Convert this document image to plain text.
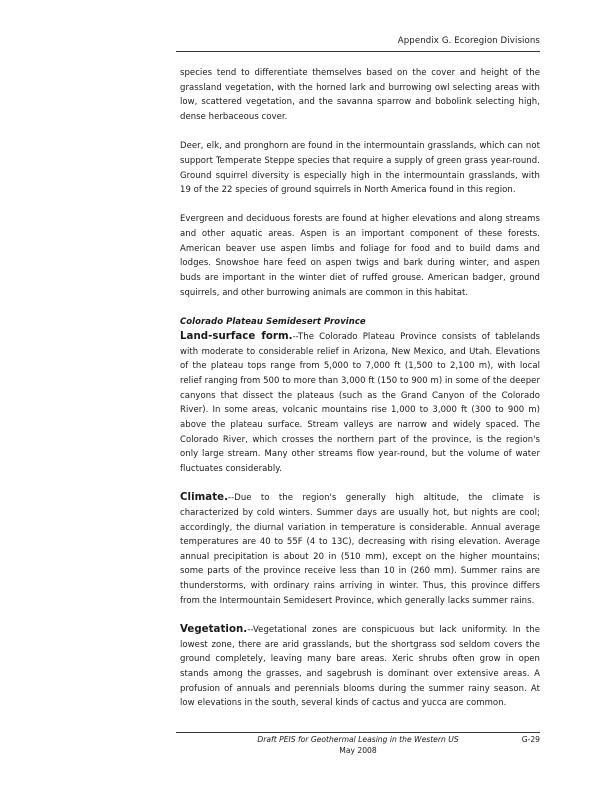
Appendix G. Ecoregion Divisions

species tend to differentiate themselves based on the cover and height of the grassland vegetation, with the horned lark and burrowing owl selecting areas with low, scattered vegetation, and the savanna sparrow and bobolink selecting high, dense herbaceous cover.

Deer, elk, and pronghorn are found in the intermountain grasslands, which can not support Temperate Steppe species that require a supply of green grass year-round. Ground squirrel diversity is especially high in the intermountain grasslands, with 19 of the 22 species of ground squirrels in North America found in this region.

Evergreen and deciduous forests are found at higher elevations and along streams and other aquatic areas. Aspen is an important component of these forests. American beaver use aspen limbs and foliage for food and to build dams and lodges. Snowshoe hare feed on aspen twigs and bark during winter, and aspen buds are important in the winter diet of ruffed grouse. American badger, ground squirrels, and other burrowing animals are common in this habitat.

Colorado Plateau Semidesert Province

Land-surface form.--The Colorado Plateau Province consists of tablelands with moderate to considerable relief in Arizona, New Mexico, and Utah. Elevations of the plateau tops range from 5,000 to 7,000 ft (1,500 to 2,100 m), with local relief ranging from 500 to more than 3,000 ft (150 to 900 m) in some of the deeper canyons that dissect the plateaus (such as the Grand Canyon of the Colorado River). In some areas, volcanic mountains rise 1,000 to 3,000 ft (300 to 900 m) above the plateau surface. Stream valleys are narrow and widely spaced. The Colorado River, which crosses the northern part of the province, is the region's only large stream. Many other streams flow year-round, but the volume of water fluctuates considerably.

Climate.--Due to the region's generally high altitude, the climate is characterized by cold winters. Summer days are usually hot, but nights are cool; accordingly, the diurnal variation in temperature is considerable. Annual average temperatures are 40 to 55F (4 to 13C), decreasing with rising elevation. Average annual precipitation is about 20 in (510 mm), except on the higher mountains; some parts of the province receive less than 10 in (260 mm). Summer rains are thunderstorms, with ordinary rains arriving in winter. Thus, this province differs from the Intermountain Semidesert Province, which generally lacks summer rains.

Vegetation.--Vegetational zones are conspicuous but lack uniformity. In the lowest zone, there are arid grasslands, but the shortgrass sod seldom covers the ground completely, leaving many bare areas. Xeric shrubs often grow in open stands among the grasses, and sagebrush is dominant over extensive areas. A profusion of annuals and perennials blooms during the summer rainy season. At low elevations in the south, several kinds of cactus and yucca are common.

Draft PEIS for Geothermal Leasing in the Western US	G-29
May 2008
